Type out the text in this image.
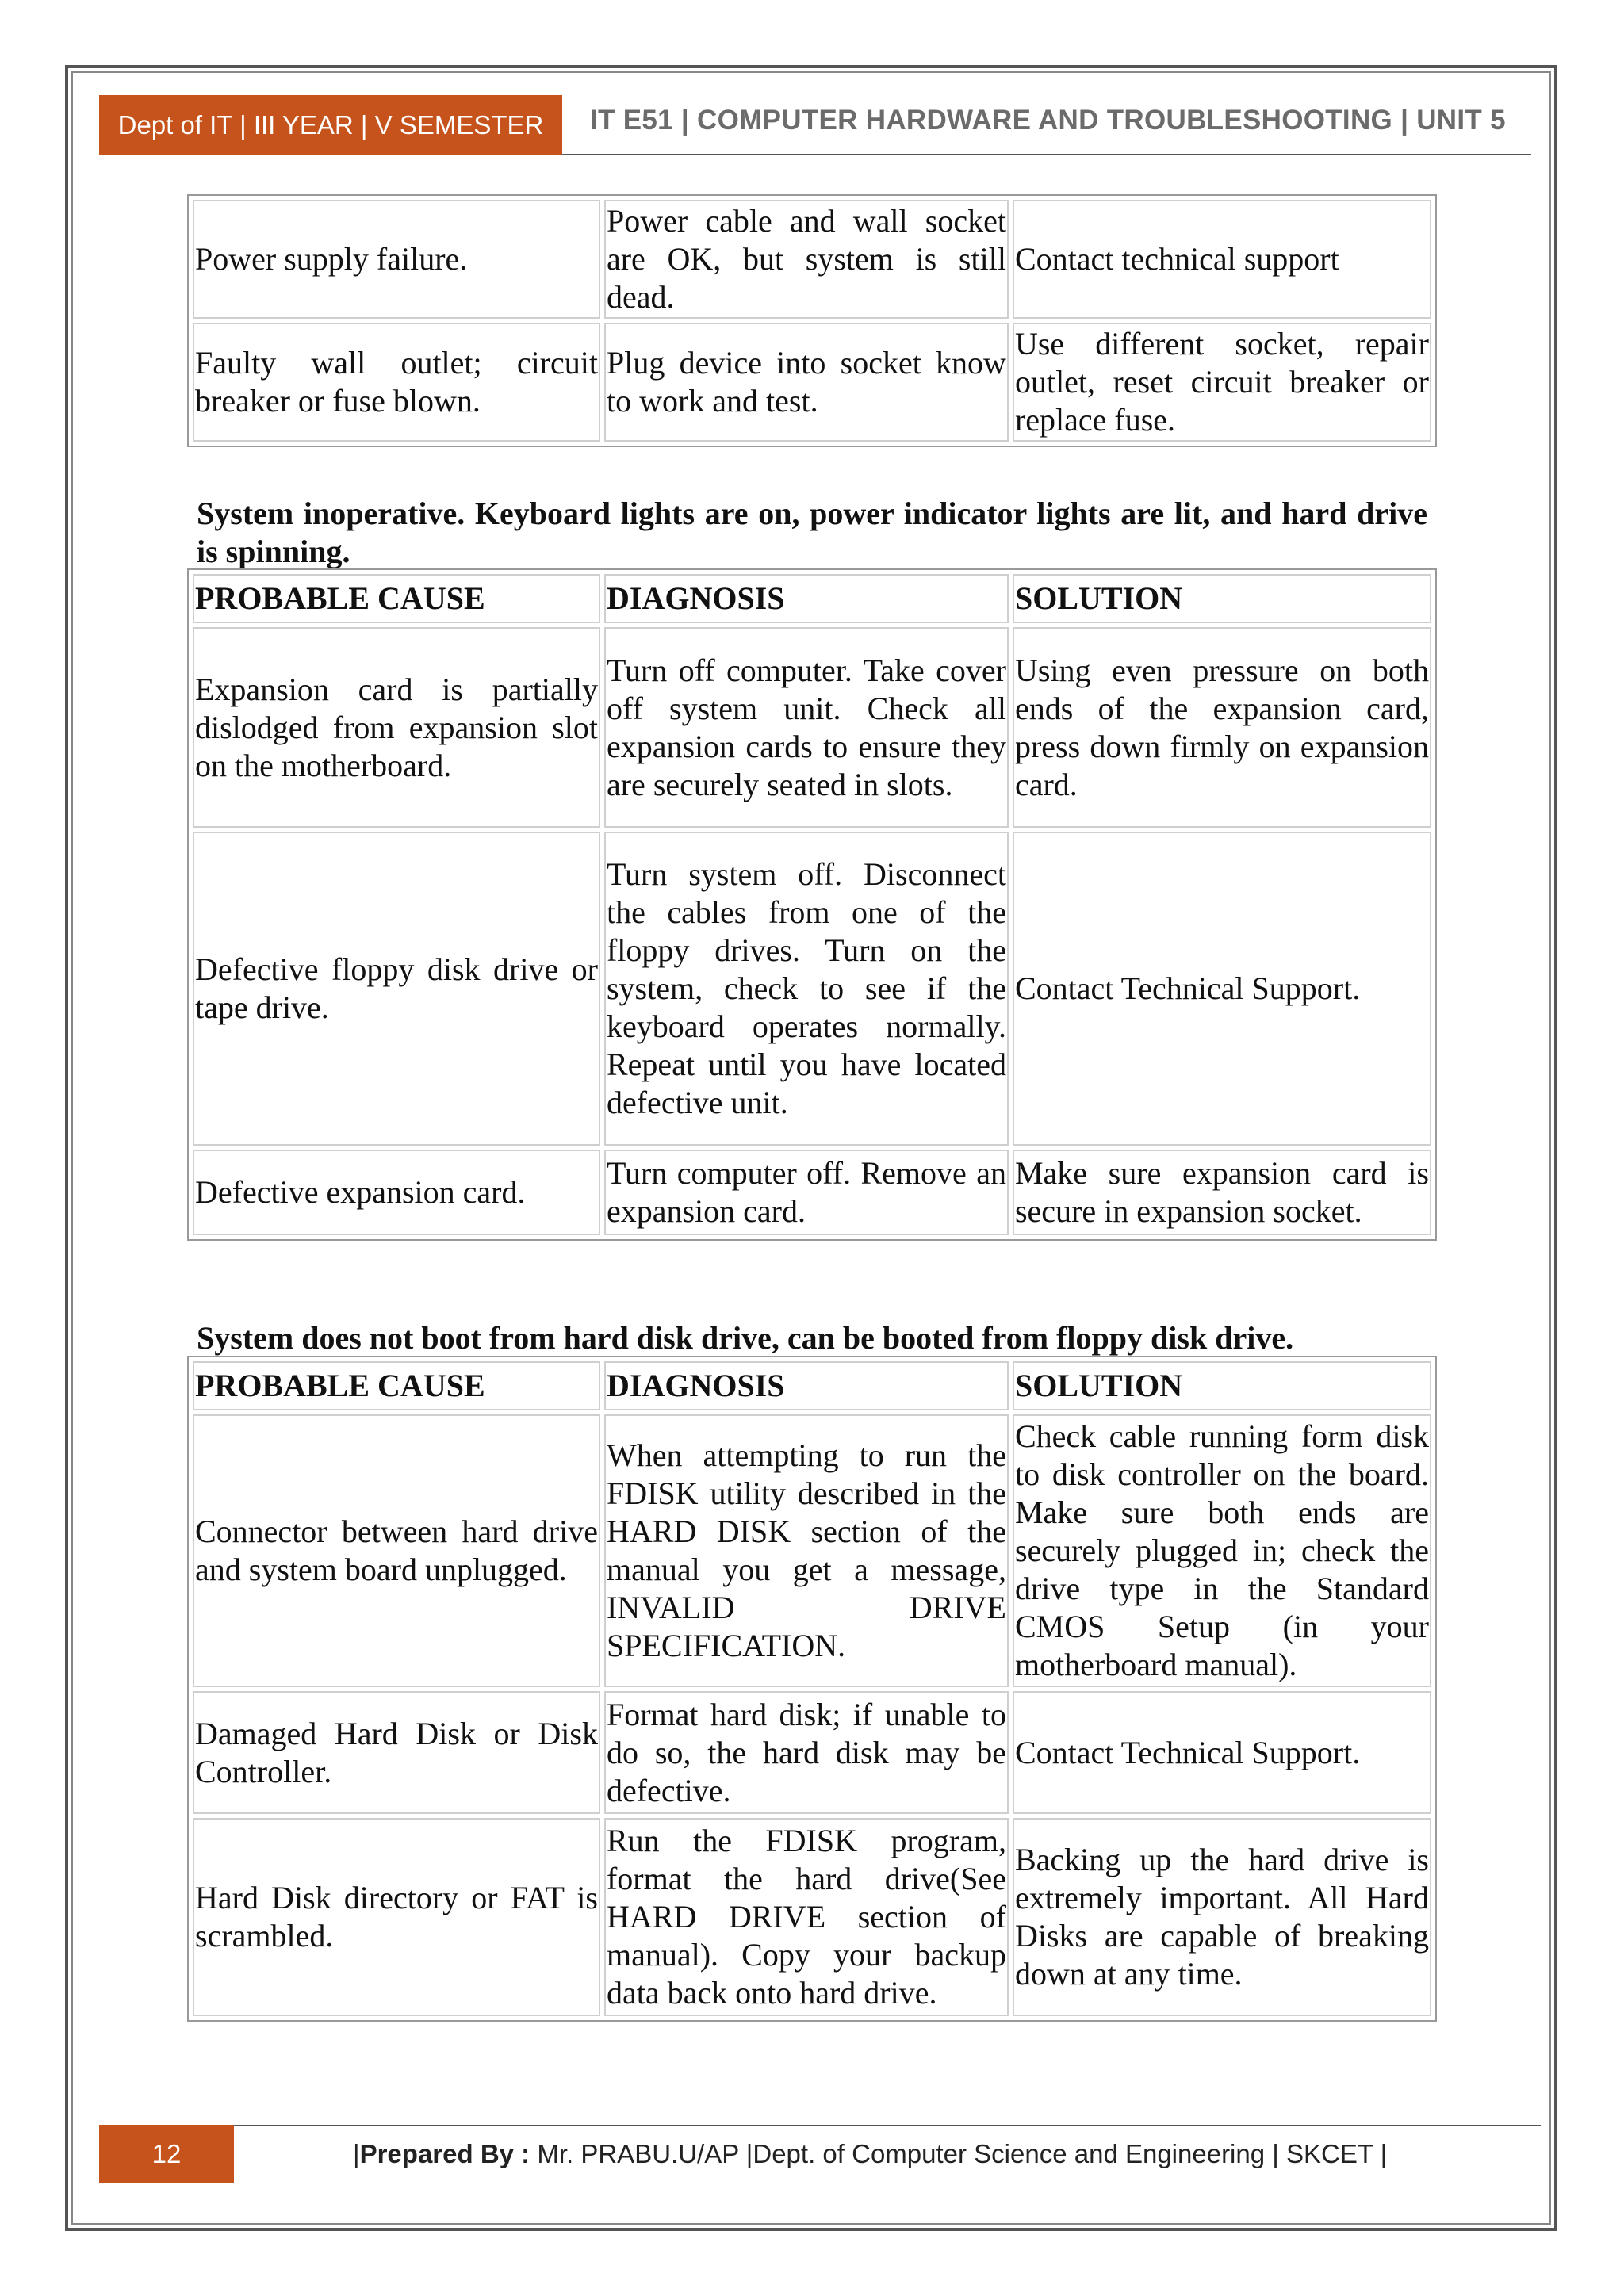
Dept of IT | III YEAR | V SEMESTER	IT E51 | COMPUTER HARDWARE AND TROUBLESHOOTING | UNIT 5
Power supply failure.	Power cable and wall socket are OK, but system is still dead.	Contact technical support
Faulty wall outlet; circuit breaker or fuse blown.	Plug device into socket know to work and test.	Use different socket, repair outlet, reset circuit breaker or replace fuse.
System inoperative. Keyboard lights are on, power indicator lights are lit, and hard drive is spinning.
PROBABLE CAUSE	DIAGNOSIS	SOLUTION
Expansion card is partially dislodged from expansion slot on the motherboard.	Turn off computer. Take cover off system unit. Check all expansion cards to ensure they are securely seated in slots.	Using even pressure on both ends of the expansion card, press down firmly on expansion card.
Defective floppy disk drive or tape drive.	Turn system off. Disconnect the cables from one of the floppy drives. Turn on the system, check to see if the keyboard operates normally. Repeat until you have located defective unit.	Contact Technical Support.
Defective expansion card.	Turn computer off. Remove an expansion card.	Make sure expansion card is secure in expansion socket.
System does not boot from hard disk drive, can be booted from floppy disk drive.
PROBABLE CAUSE	DIAGNOSIS	SOLUTION
Connector between hard drive and system board unplugged.	When attempting to run the FDISK utility described in the HARD DISK section of the manual you get a message, INVALID DRIVE SPECIFICATION.	Check cable running form disk to disk controller on the board. Make sure both ends are securely plugged in; check the drive type in the Standard CMOS Setup (in your motherboard manual).
Damaged Hard Disk or Disk Controller.	Format hard disk; if unable to do so, the hard disk may be defective.	Contact Technical Support.
Hard Disk directory or FAT is scrambled.	Run the FDISK program, format the hard drive(See HARD DRIVE section of manual). Copy your backup data back onto hard drive.	Backing up the hard drive is extremely important. All Hard Disks are capable of breaking down at any time.
12	|Prepared By : Mr. PRABU.U/AP |Dept. of Computer Science and Engineering | SKCET |
